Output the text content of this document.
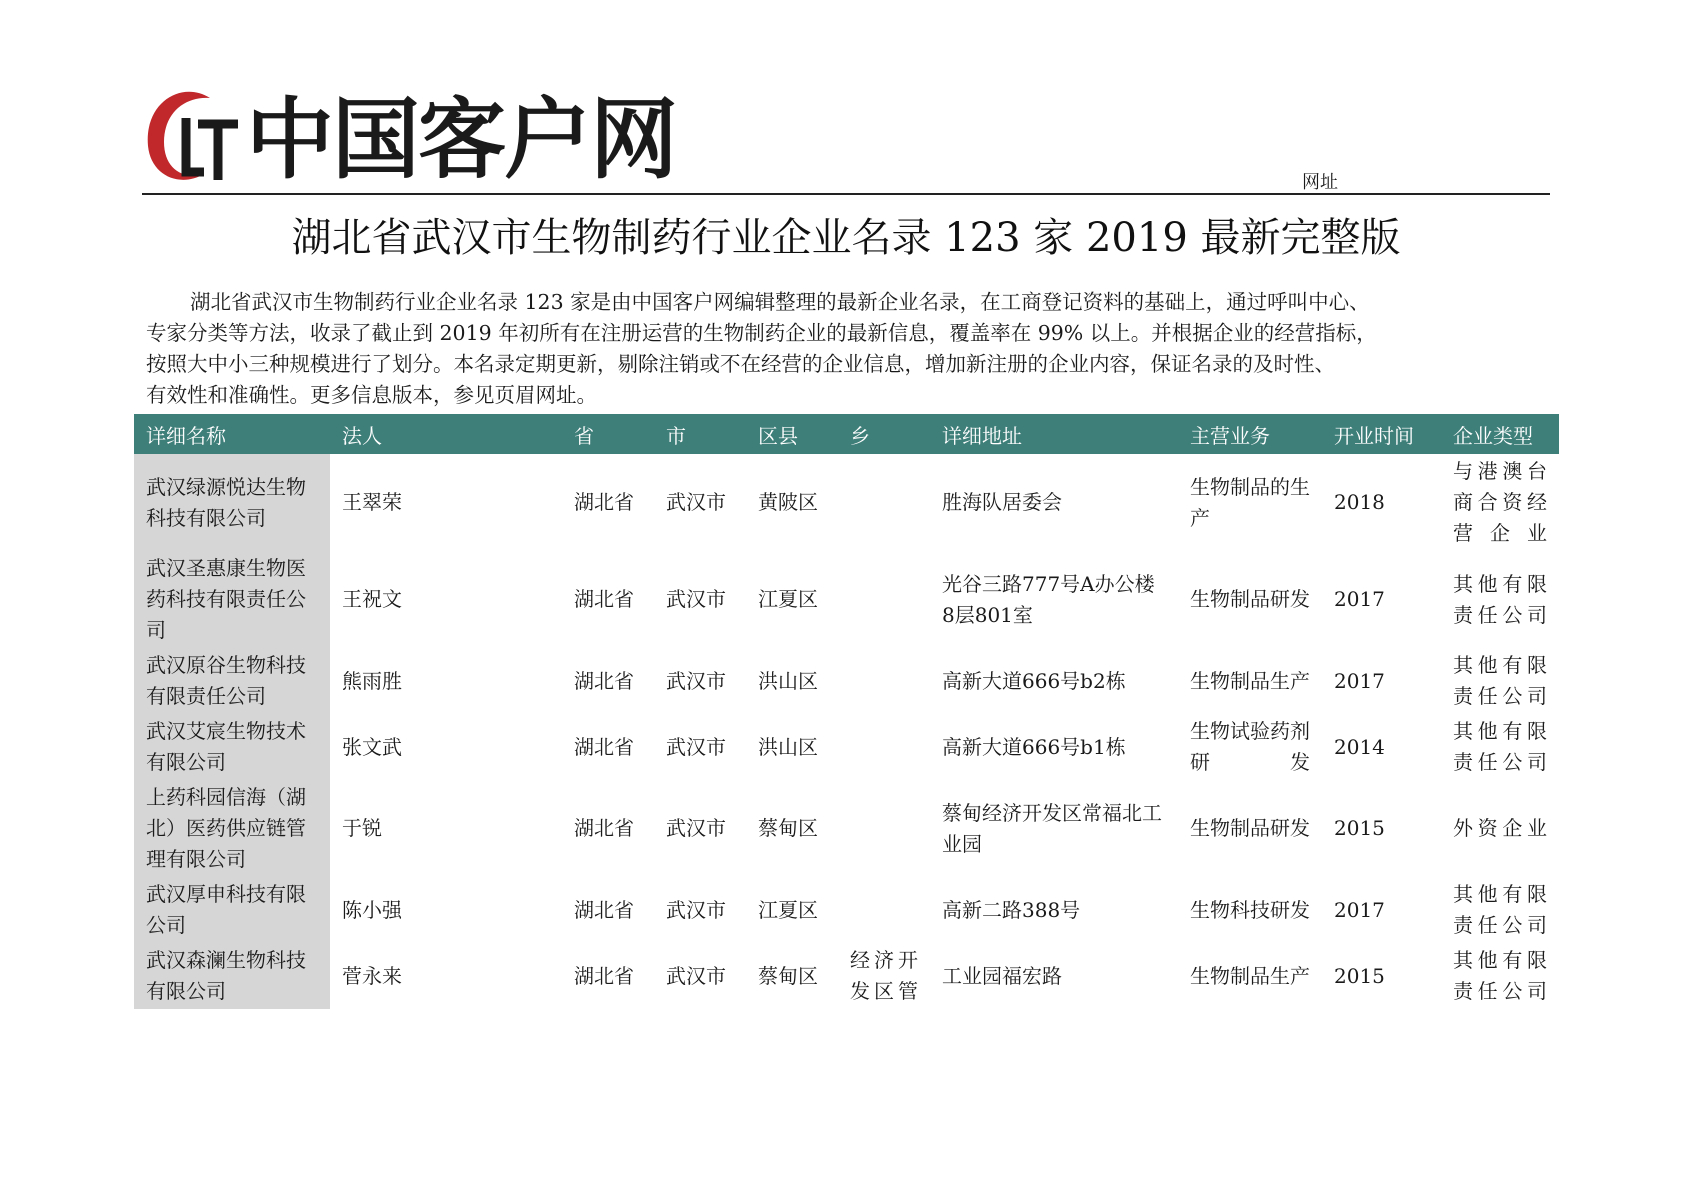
中国客户网	网址
湖北省武汉市生物制药行业企业名录 123 家 2019 最新完整版

湖北省武汉市生物制药行业企业名录 123 家是由中国客户网编辑整理的最新企业名录，在工商登记资料的基础上，通过呼叫中心、

专家分类等方法，收录了截止到 2019 年初所有在注册运营的生物制药企业的最新信息，覆盖率在 99% 以上。并根据企业的经营指标，

按照大中小三种规模进行了划分。本名录定期更新，剔除注销或不在经营的企业信息，增加新注册的企业内容，保证名录的及时性、

有效性和准确性。更多信息版本，参见页眉网址。

详细名称	法人	省	市	区县	乡	详细地址	主营业务	开业时间	企业类型
武汉绿源悦达生物科技有限公司	王翠荣	湖北省	武汉市	黄陂区		胜海队居委会	生物制品的生产	2018	与港澳台商合资经营企业
武汉圣惠康生物医药科技有限责任公司	王祝文	湖北省	武汉市	江夏区		光谷三路777号A办公楼8层801室	生物制品研发	2017	其他有限责任公司
武汉原谷生物科技有限责任公司	熊雨胜	湖北省	武汉市	洪山区		高新大道666号b2栋	生物制品生产	2017	其他有限责任公司
武汉艾宸生物技术有限公司	张文武	湖北省	武汉市	洪山区		高新大道666号b1栋	生物试验药剂研发	2014	其他有限责任公司
上药科园信海（湖北）医药供应链管理有限公司	于锐	湖北省	武汉市	蔡甸区		蔡甸经济开发区常福北工业园	生物制品研发	2015	外资企业
武汉厚申科技有限公司	陈小强	湖北省	武汉市	江夏区		高新二路388号	生物科技研发	2017	其他有限责任公司
武汉森澜生物科技有限公司	菅永来	湖北省	武汉市	蔡甸区	经济开发区管	工业园福宏路	生物制品生产	2015	其他有限责任公司
